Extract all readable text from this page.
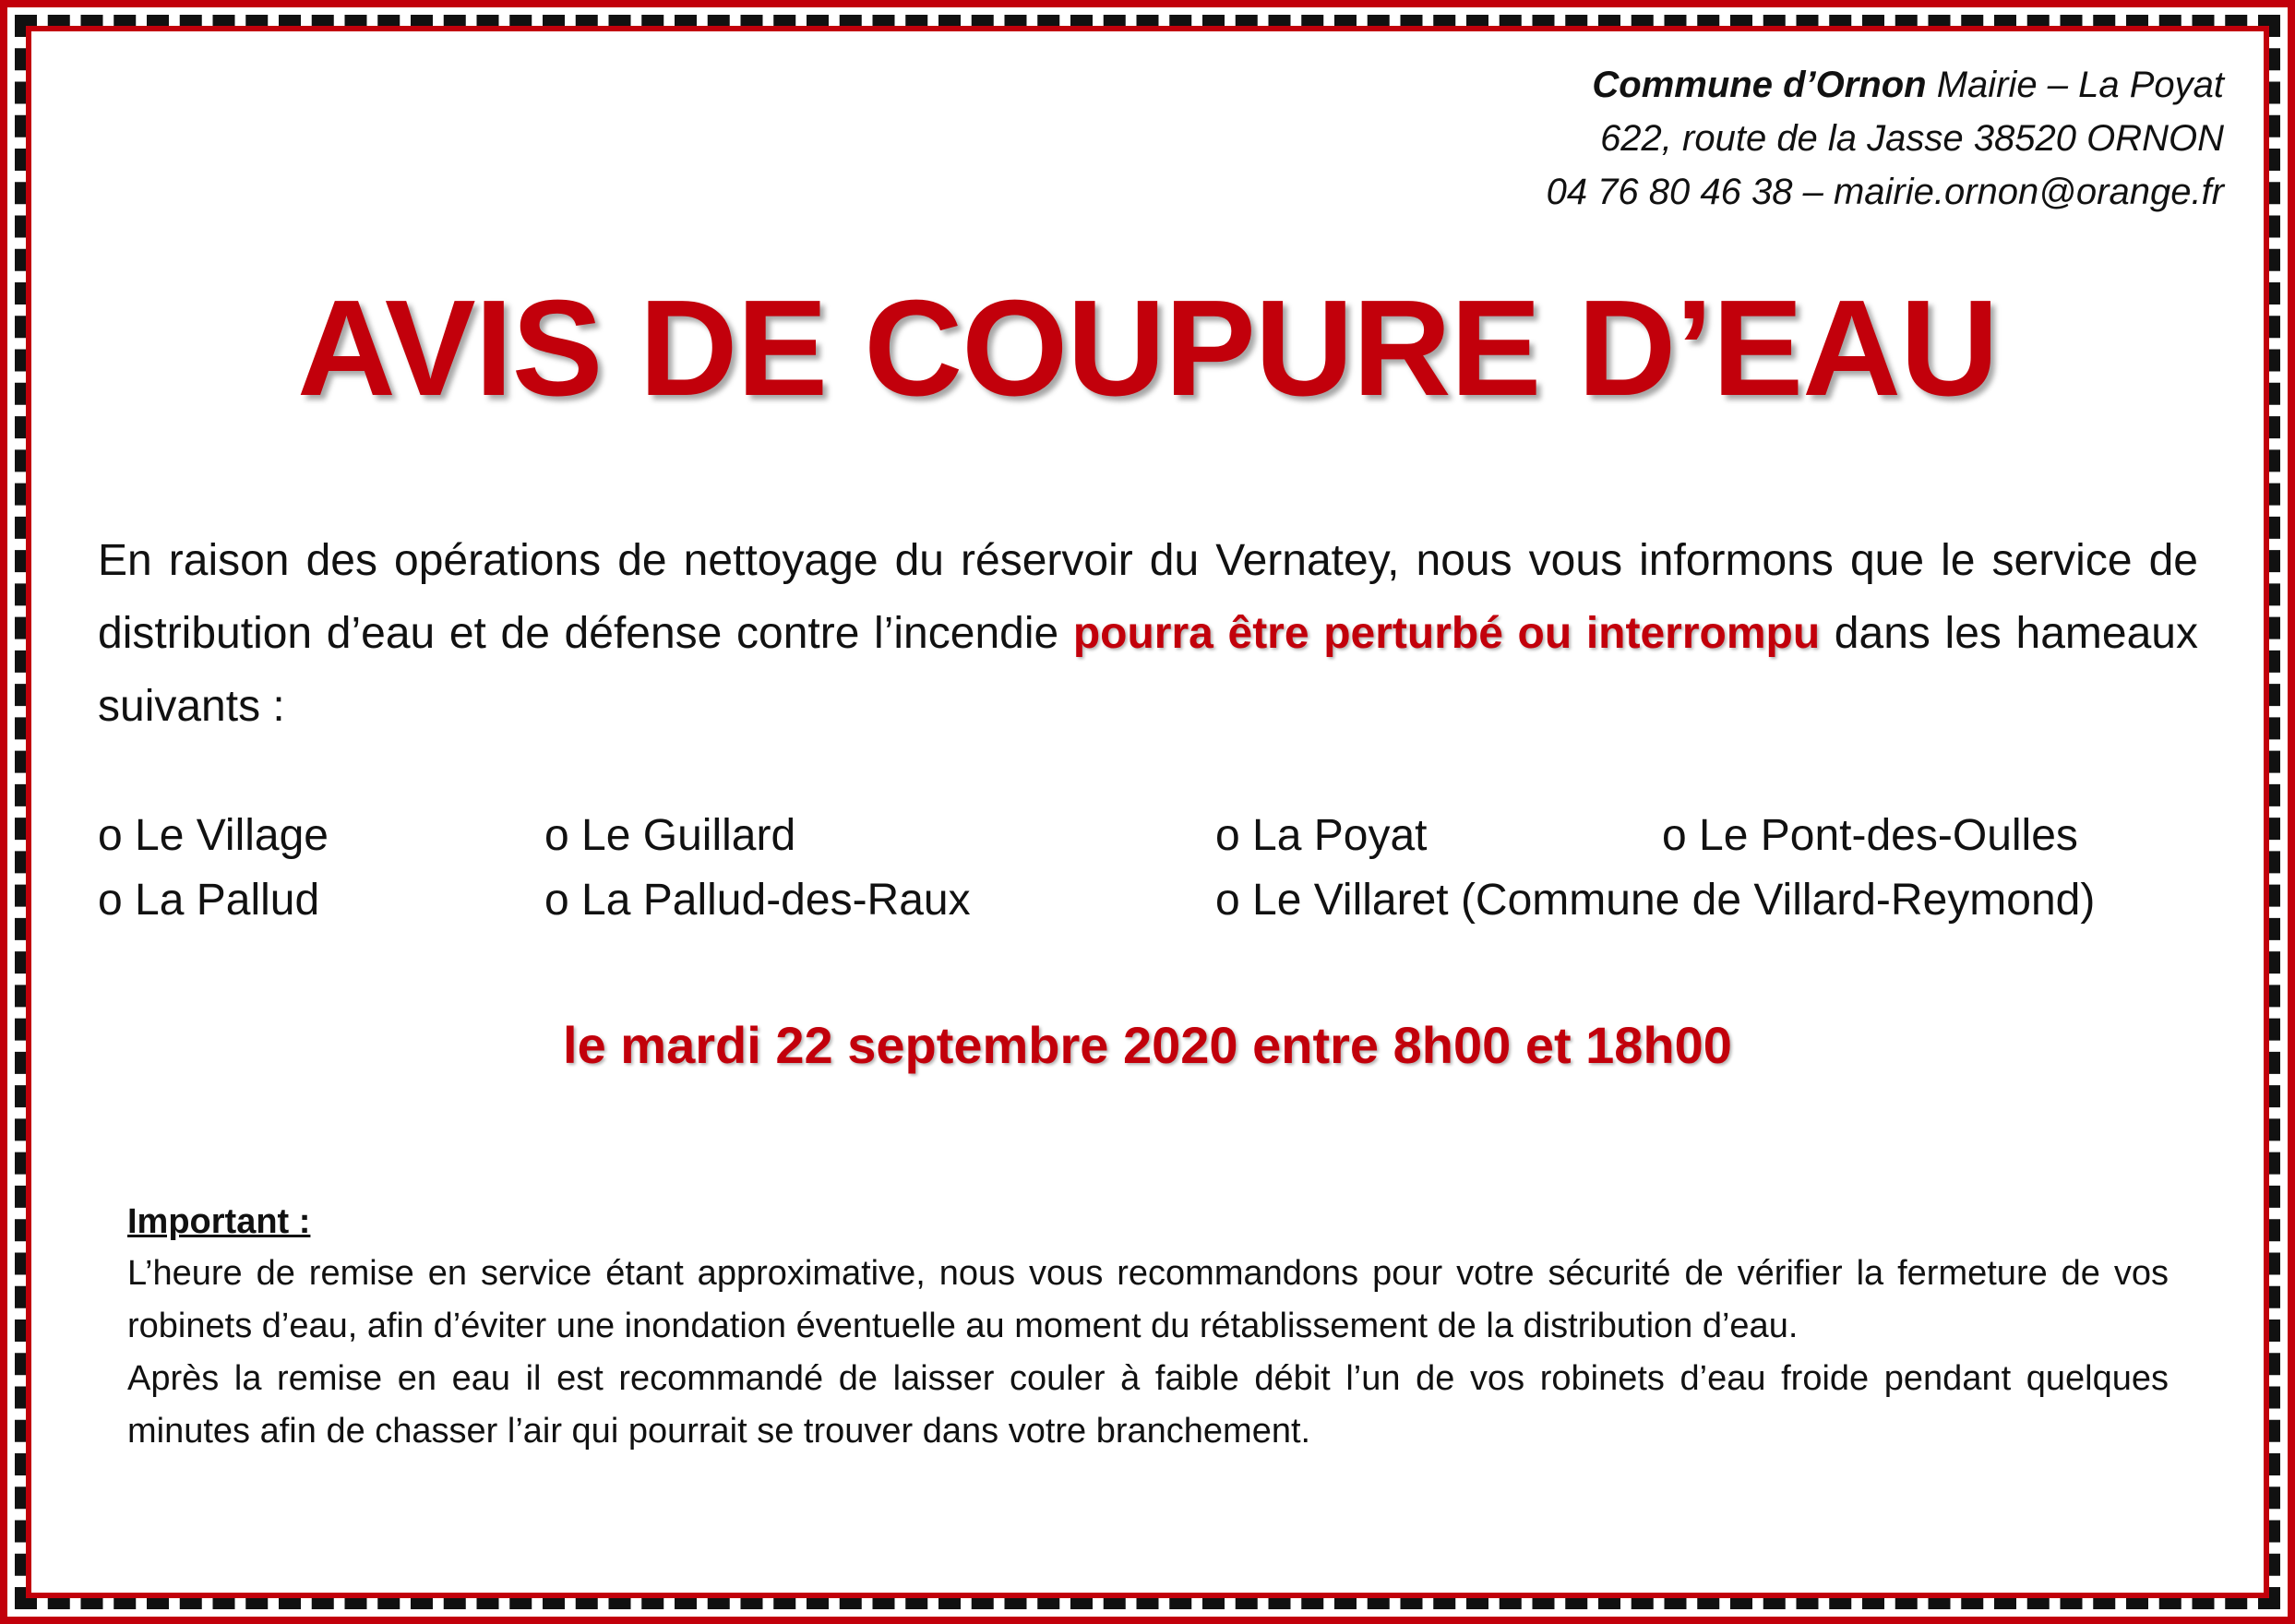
Commune d’Ornon Mairie – La Poyat
622, route de la Jasse 38520 ORNON
04 76 80 46 38 – mairie.ornon@orange.fr
AVIS DE COUPURE D’EAU
En raison des opérations de nettoyage du réservoir du Vernatey, nous vous informons que le service de distribution d’eau et de défense contre l’incendie pourra être perturbé ou interrompu dans les hameaux suivants :
o Le Village	o Le Guillard	o La Poyat	o Le Pont-des-Oulles
o La Pallud	o La Pallud-des-Raux	o Le Villaret (Commune de Villard-Reymond)
le mardi 22 septembre 2020 entre 8h00 et 18h00
Important :

L’heure de remise en service étant approximative, nous vous recommandons pour votre sécurité de vérifier la fermeture de vos robinets d’eau, afin d’éviter une inondation éventuelle au moment du rétablissement de la distribution d’eau.

Après la remise en eau il est recommandé de laisser couler à faible débit l’un de vos robinets d’eau froide pendant quelques minutes afin de chasser l’air qui pourrait se trouver dans votre branchement.
